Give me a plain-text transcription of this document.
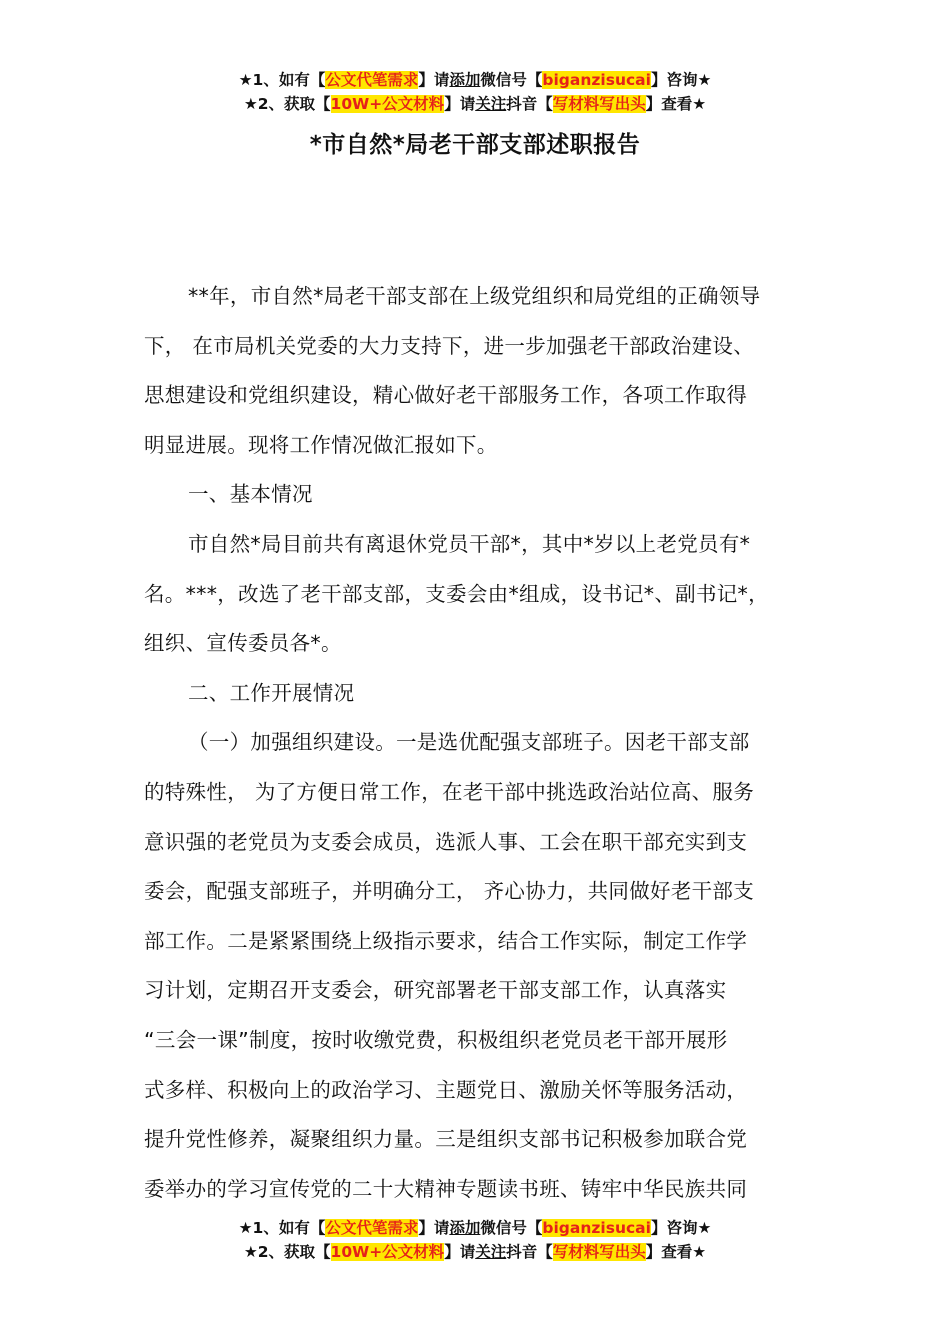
★1、如有【公文代笔需求】请添加微信号【biganzisucai】咨询★
★2、获取【10W+公文材料】请关注抖音【写材料写出头】查看★
*市自然*局老干部支部述职报告
**年，市自然*局老干部支部在上级党组织和局党组的正确领导
下， 在市局机关党委的大力支持下，进一步加强老干部政治建设、
思想建设和党组织建设，精心做好老干部服务工作，各项工作取得
明显进展。现将工作情况做汇报如下。
一、基本情况
市自然*局目前共有离退休党员干部*，其中*岁以上老党员有*
名。***，改选了老干部支部，支委会由*组成，设书记*、副书记*，
组织、宣传委员各*。
二、工作开展情况
（一）加强组织建设。一是选优配强支部班子。因老干部支部
的特殊性， 为了方便日常工作，在老干部中挑选政治站位高、服务
意识强的老党员为支委会成员，选派人事、工会在职干部充实到支
委会，配强支部班子，并明确分工， 齐心协力，共同做好老干部支
部工作。二是紧紧围绕上级指示要求，结合工作实际，制定工作学
习计划，定期召开支委会，研究部署老干部支部工作，认真落实
“三会一课”制度，按时收缴党费，积极组织老党员老干部开展形
式多样、积极向上的政治学习、主题党日、激励关怀等服务活动，
提升党性修养，凝聚组织力量。三是组织支部书记积极参加联合党
委举办的学习宣传党的二十大精神专题读书班、铸牢中华民族共同
★1、如有【公文代笔需求】请添加微信号【biganzisucai】咨询★
★2、获取【10W+公文材料】请关注抖音【写材料写出头】查看★
